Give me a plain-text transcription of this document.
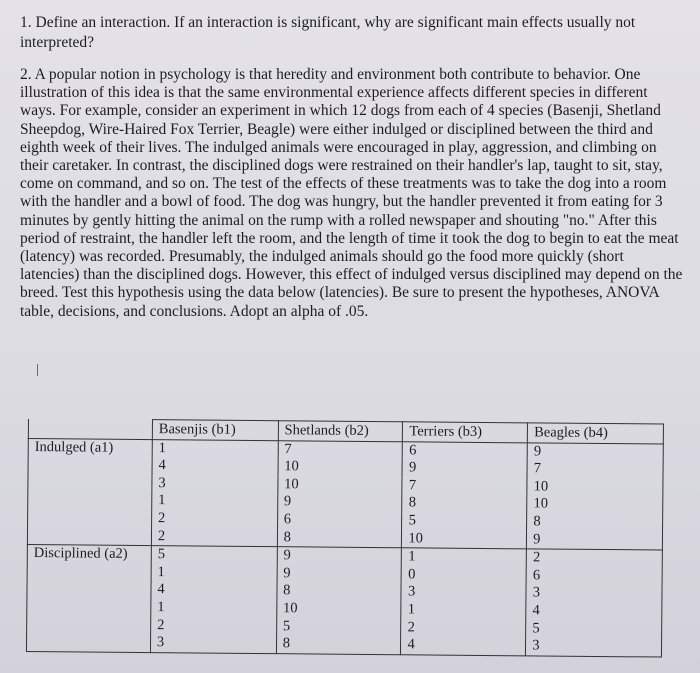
1. Define an interaction. If an interaction is significant, why are significant main effects usually not interpreted?

2. A popular notion in psychology is that heredity and environment both contribute to behavior. One illustration of this idea is that the same environmental experience affects different species in different ways. For example, consider an experiment in which 12 dogs from each of 4 species (Basenji, Shetland Sheepdog, Wire-Haired Fox Terrier, Beagle) were either indulged or disciplined between the third and eighth week of their lives. The indulged animals were encouraged in play, aggression, and climbing on their caretaker. In contrast, the disciplined dogs were restrained on their handler's lap, taught to sit, stay, come on command, and so on. The test of the effects of these treatments was to take the dog into a room with the handler and a bowl of food. The dog was hungry, but the handler prevented it from eating for 3 minutes by gently hitting the animal on the rump with a rolled newspaper and shouting "no." After this period of restraint, the handler left the room, and the length of time it took the dog to begin to eat the meat (latency) was recorded. Presumably, the indulged animals should go the food more quickly (short latencies) than the disciplined dogs. However, this effect of indulged versus disciplined may depend on the breed. Test this hypothesis using the data below (latencies). Be sure to present the hypotheses, ANOVA table, decisions, and conclusions. Adopt an alpha of .05.

	Basenjis (b1)	Shetlands (b2)	Terriers (b3)	Beagles (b4)
Indulged (a1)	1	7	6	9
	4	10	9	7
	3	10	7	10
	1	9	8	10
	2	6	5	8
	2	8	10	9
Disciplined (a2)	5	9	1	2
	1	9	0	6
	4	8	3	3
	1	10	1	4
	2	5	2	5
	3	8	4	3
